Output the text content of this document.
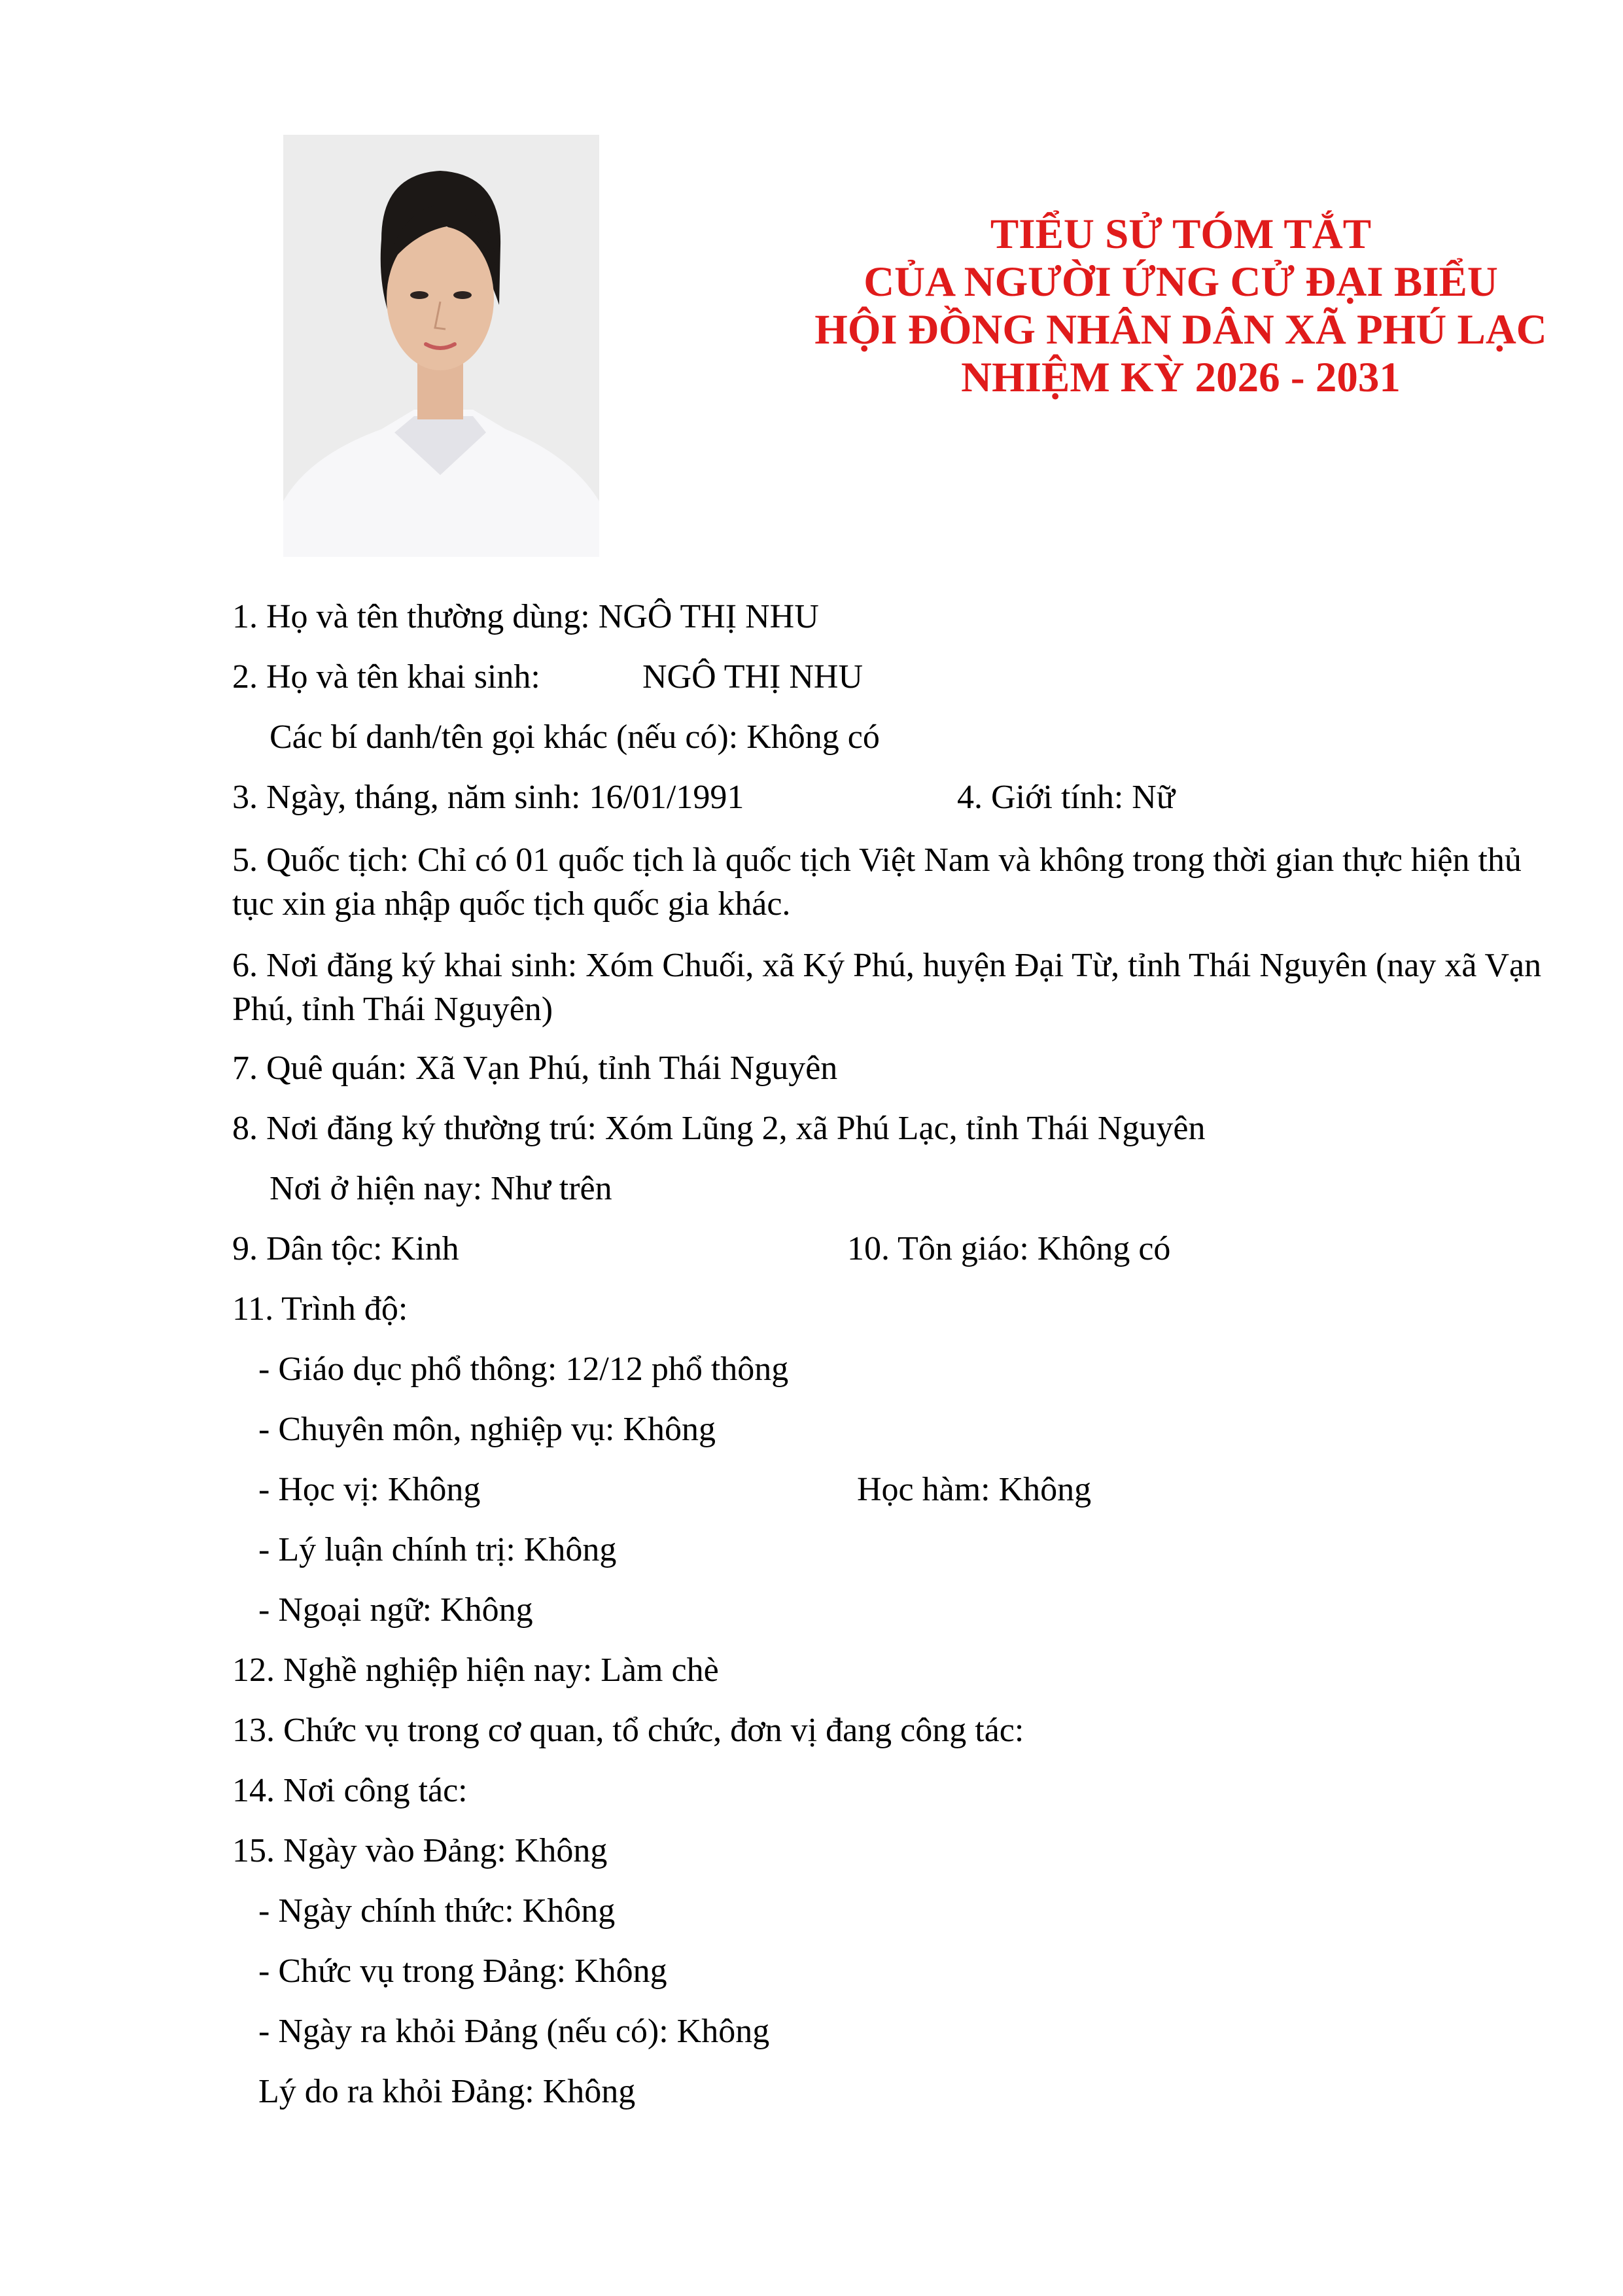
TIỂU SỬ TÓM TẮT
CỦA NGƯỜI ỨNG CỬ ĐẠI BIỂU
HỘI ĐỒNG NHÂN DÂN XÃ PHÚ LẠC
NHIỆM KỲ 2026 - 2031
1. Họ và tên thường dùng: NGÔ THỊ NHU
2. Họ và tên khai sinh:	NGÔ THỊ NHU
Các bí danh/tên gọi khác (nếu có): Không có
3. Ngày, tháng, năm sinh: 16/01/1991	4. Giới tính: Nữ
5. Quốc tịch: Chỉ có 01 quốc tịch là quốc tịch Việt Nam và không trong thời gian thực hiện thủ tục xin gia nhập quốc tịch quốc gia khác.
6. Nơi đăng ký khai sinh: Xóm Chuối, xã Ký Phú, huyện Đại Từ, tỉnh Thái Nguyên (nay xã Vạn Phú, tỉnh Thái Nguyên)
7. Quê quán: Xã Vạn Phú, tỉnh Thái Nguyên
8. Nơi đăng ký thường trú: Xóm Lũng 2, xã Phú Lạc, tỉnh Thái Nguyên
Nơi ở hiện nay: Như trên
9. Dân tộc: Kinh	10. Tôn giáo: Không có
11. Trình độ:
- Giáo dục phổ thông: 12/12 phổ thông
- Chuyên môn, nghiệp vụ: Không
- Học vị: Không	Học hàm: Không
- Lý luận chính trị: Không
- Ngoại ngữ: Không
12. Nghề nghiệp hiện nay: Làm chè
13. Chức vụ trong cơ quan, tổ chức, đơn vị đang công tác:
14. Nơi công tác:
15. Ngày vào Đảng: Không
- Ngày chính thức: Không
- Chức vụ trong Đảng: Không
- Ngày ra khỏi Đảng (nếu có): Không
Lý do ra khỏi Đảng: Không
